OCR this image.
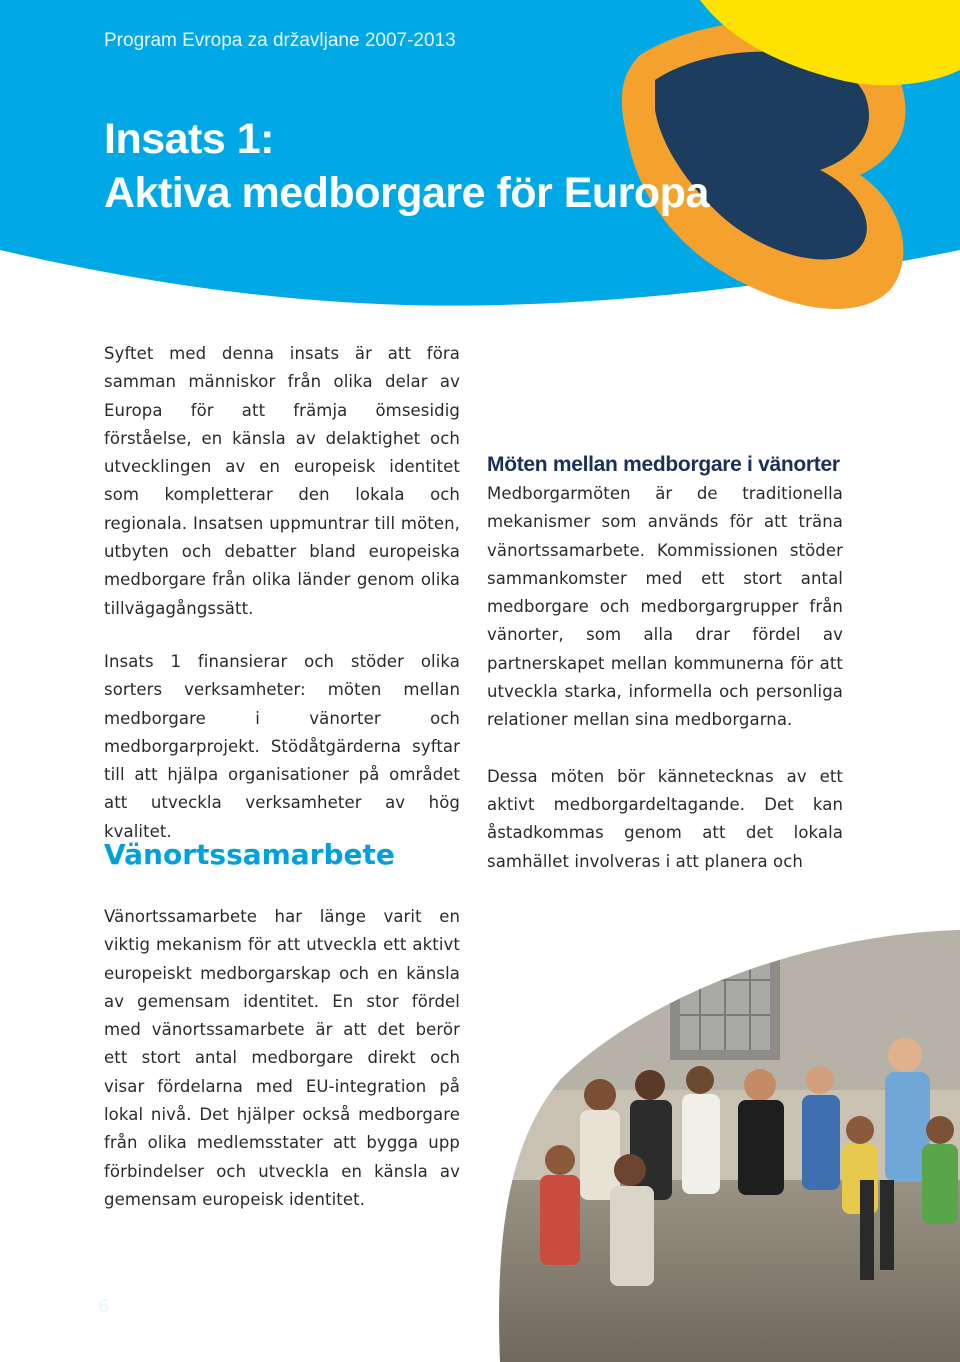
Program Evropa za državljane 2007-2013
Insats 1:
Aktiva medborgare för Europa

Syftet med denna insats är att föra samman människor från olika delar av Europa för att främja ömsesidig förståelse, en känsla av delaktighet och utvecklingen av en europeisk identitet som kompletterar den lokala och regionala. Insatsen uppmuntrar till möten, utbyten och debatter bland europeiska medborgare från olika länder genom olika tillvägagångssätt.

Insats 1 finansierar och stöder olika sorters verksamheter: möten mellan medborgare i vänorter och medborgarprojekt. Stödåtgärderna syftar till att hjälpa organisationer på området att utveckla verksamheter av hög kvalitet.

Vänortssamarbete

Vänortssamarbete har länge varit en viktig mekanism för att utveckla ett aktivt europeiskt medborgarskap och en känsla av gemensam identitet. En stor fördel med vänortssamarbete är att det berör ett stort antal medborgare direkt och visar fördelarna med EU-integration på lokal nivå. Det hjälper också medborgare från olika medlemsstater att bygga upp förbindelser och utveckla en känsla av gemensam europeisk identitet.

Möten mellan medborgare i vänorter

Medborgarmöten är de traditionella mekanismer som används för att träna vänortssamarbete. Kommissionen stöder sammankomster med ett stort antal medborgare och medborgargrupper från vänorter, som alla drar fördel av partnerskapet mellan kommunerna för att utveckla starka, informella och personliga relationer mellan sina medborgarna.

Dessa möten bör kännetecknas av ett aktivt medborgardeltagande. Det kan åstadkommas genom att det lokala samhället involveras i att planera och

6
